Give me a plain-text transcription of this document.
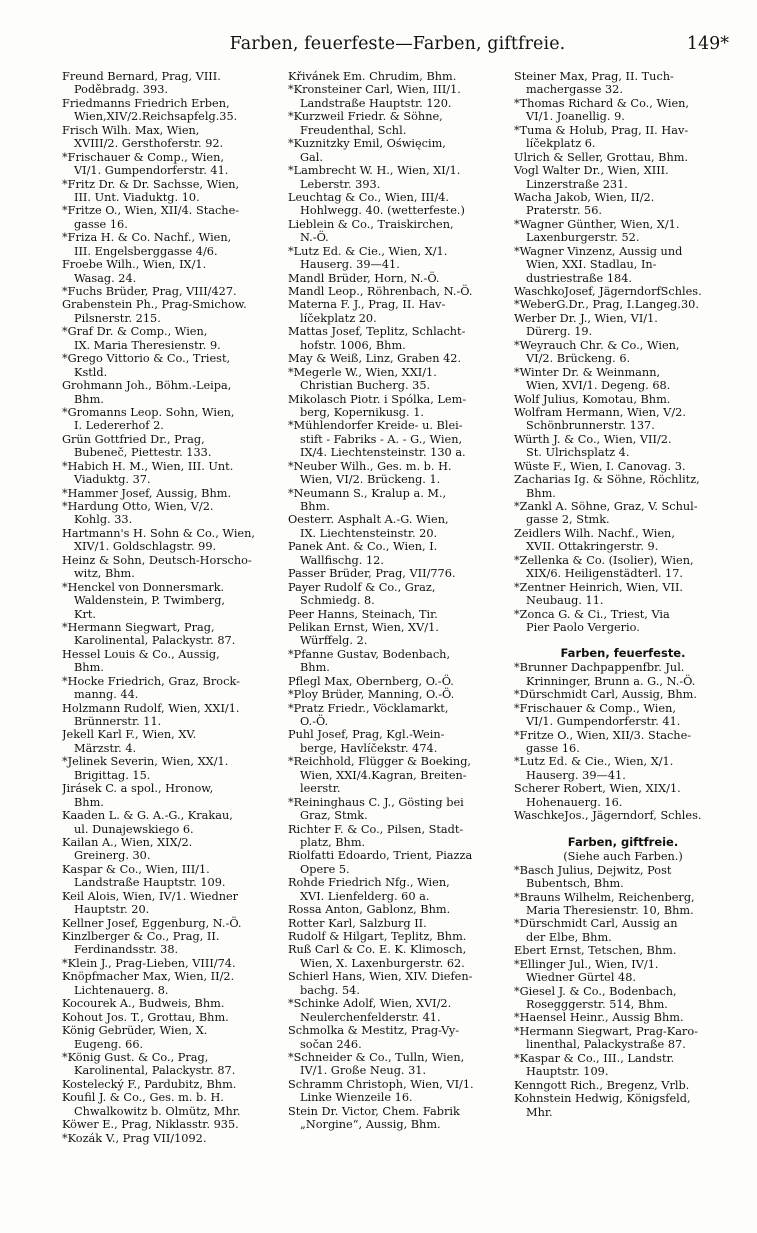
Farben, feuerfeste—Farben, giftfreie.	149*
Freund Bernard, Prag, VIII.
Poděbradg. 393.
Friedmanns Friedrich Erben,
Wien,XIV/2.Reichsapfelg.35.
Frisch Wilh. Max, Wien,
XVIII/2. Gersthoferstr. 92.
*Frischauer & Comp., Wien,
VI/1. Gumpendorferstr. 41.
*Fritz Dr. & Dr. Sachsse, Wien,
III. Unt. Viaduktg. 10.
*Fritze O., Wien, XII/4. Stache-
gasse 16.
*Friza H. & Co. Nachf., Wien,
III. Engelsberggasse 4/6.
Froebe Wilh., Wien, IX/1.
Wasag. 24.
*Fuchs Brüder, Prag, VIII/427.
Grabenstein Ph., Prag-Smichow.
Pilsnerstr. 215.
*Graf Dr. & Comp., Wien,
IX. Maria Theresienstr. 9.
*Grego Vittorio & Co., Triest,
Kstld.
Grohmann Joh., Böhm.-Leipa,
Bhm.
*Gromanns Leop. Sohn, Wien,
I. Ledererhof 2.
Grün Gottfried Dr., Prag,
Bubeneč, Piettestr. 133.
*Habich H. M., Wien, III. Unt.
Viaduktg. 37.
*Hammer Josef, Aussig, Bhm.
*Hardung Otto, Wien, V/2.
Kohlg. 33.
Hartmann's H. Sohn & Co., Wien,
XIV/1. Goldschlagstr. 99.
Heinz & Sohn, Deutsch-Horscho-
witz, Bhm.
*Henckel von Donnersmark.
Waldenstein, P. Twimberg,
Krt.
*Hermann Siegwart, Prag,
Karolinental, Palackystr. 87.
Hessel Louis & Co., Aussig,
Bhm.
*Hocke Friedrich, Graz, Brock-
manng. 44.
Holzmann Rudolf, Wien, XXI/1.
Brünnerstr. 11.
Jekell Karl F., Wien, XV.
Märzstr. 4.
*Jelinek Severin, Wien, XX/1.
Brigittag. 15.
Jirásek C. a spol., Hronow,
Bhm.
Kaaden L. & G. A.-G., Krakau,
ul. Dunajewskiego 6.
Kailan A., Wien, XIX/2.
Greinerg. 30.
Kaspar & Co., Wien, III/1.
Landstraße Hauptstr. 109.
Keil Alois, Wien, IV/1. Wiedner
Hauptstr. 20.
Kellner Josef, Eggenburg, N.-Ö.
Kinzlberger & Co., Prag, II.
Ferdinandsstr. 38.
*Klein J., Prag-Lieben, VIII/74.
Knöpfmacher Max, Wien, II/2.
Lichtenauerg. 8.
Kocourek A., Budweis, Bhm.
Kohout Jos. T., Grottau, Bhm.
König Gebrüder, Wien, X.
Eugeng. 66.
*König Gust. & Co., Prag,
Karolinental, Palackystr. 87.
Kostelecký F., Pardubitz, Bhm.
Koufil J. & Co., Ges. m. b. H.
Chwalkowitz b. Olmütz, Mhr.
Köwer E., Prag, Niklasstr. 935.
*Kozák V., Prag VII/1092.
Křivánek Em. Chrudim, Bhm.
*Kronsteiner Carl, Wien, III/1.
Landstraße Hauptstr. 120.
*Kurzweil Friedr. & Söhne,
Freudenthal, Schl.
*Kuznitzky Emil, Oświęcim,
Gal.
*Lambrecht W. H., Wien, XI/1.
Leberstr. 393.
Leuchtag & Co., Wien, III/4.
Hohlwegg. 40. (wetterfeste.)
Lieblein & Co., Traiskirchen,
N.-Ö.
*Lutz Ed. & Cie., Wien, X/1.
Hauserg. 39—41.
Mandl Brüder, Horn, N.-Ö.
Mandl Leop., Röhrenbach, N.-Ö.
Materna F. J., Prag, II. Hav-
líčekplatz 20.
Mattas Josef, Teplitz, Schlacht-
hofstr. 1006, Bhm.
May & Weiß, Linz, Graben 42.
*Megerle W., Wien, XXI/1.
Christian Bucherg. 35.
Mikolasch Piotr. i Spólka, Lem-
berg, Kopernikusg. 1.
*Mühlendorfer Kreide- u. Blei-
stift - Fabriks - A. - G., Wien,
IX/4. Liechtensteinstr. 130 a.
*Neuber Wilh., Ges. m. b. H.
Wien, VI/2. Brückeng. 1.
*Neumann S., Kralup a. M.,
Bhm.
Oesterr. Asphalt A.-G. Wien,
IX. Liechtensteinstr. 20.
Panek Ant. & Co., Wien, I.
Wallfischg. 12.
Passer Brüder, Prag, VII/776.
Payer Rudolf & Co., Graz,
Schmiedg. 8.
Peer Hanns, Steinach, Tir.
Pelikan Ernst, Wien, XV/1.
Würffelg. 2.
*Pfanne Gustav, Bodenbach,
Bhm.
Pflegl Max, Obernberg, O.-Ö.
*Ploy Brüder, Manning, O.-Ö.
*Pratz Friedr., Vöcklamarkt,
O.-Ö.
Puhl Josef, Prag, Kgl.-Wein-
berge, Havlíčekstr. 474.
*Reichhold, Flügger & Boeking,
Wien, XXI/4.Kagran, Breiten-
leerstr.
*Reininghaus C. J., Gösting bei
Graz, Stmk.
Richter F. & Co., Pilsen, Stadt-
platz, Bhm.
Riolfatti Edoardo, Trient, Piazza
Opere 5.
Rohde Friedrich Nfg., Wien,
XVI. Lienfelderg. 60 a.
Rossa Anton, Gablonz, Bhm.
Rotter Karl, Salzburg II.
Rudolf & Hilgart, Teplitz, Bhm.
Ruß Carl & Co. E. K. Klimosch,
Wien, X. Laxenburgerstr. 62.
Schierl Hans, Wien, XIV. Diefen-
bachg. 54.
*Schinke Adolf, Wien, XVI/2.
Neulerchenfelderstr. 41.
Schmolka & Mestitz, Prag-Vy-
sočan 246.
*Schneider & Co., Tulln, Wien,
IV/1. Große Neug. 31.
Schramm Christoph, Wien, VI/1.
Linke Wienzeile 16.
Stein Dr. Victor, Chem. Fabrik
„Norgine“, Aussig, Bhm.
Steiner Max, Prag, II. Tuch-
machergasse 32.
*Thomas Richard & Co., Wien,
VI/1. Joanellig. 9.
*Tuma & Holub, Prag, II. Hav-
líčekplatz 6.
Ulrich & Seller, Grottau, Bhm.
Vogl Walter Dr., Wien, XIII.
Linzerstraße 231.
Wacha Jakob, Wien, II/2.
Praterstr. 56.
*Wagner Günther, Wien, X/1.
Laxenburgerstr. 52.
*Wagner Vinzenz, Aussig und
Wien, XXI. Stadlau, In-
dustriestraße 184.
WaschkoJosef, JägerndorfSchles.
*WeberG.Dr., Prag, I.Langeg.30.
Werber Dr. J., Wien, VI/1.
Dürerg. 19.
*Weyrauch Chr. & Co., Wien,
VI/2. Brückeng. 6.
*Winter Dr. & Weinmann,
Wien, XVI/1. Degeng. 68.
Wolf Julius, Komotau, Bhm.
Wolfram Hermann, Wien, V/2.
Schönbrunnerstr. 137.
Würth J. & Co., Wien, VII/2.
St. Ulrichsplatz 4.
Wüste F., Wien, I. Canovag. 3.
Zacharias Ig. & Söhne, Röchlitz,
Bhm.
*Zankl A. Söhne, Graz, V. Schul-
gasse 2, Stmk.
Zeidlers Wilh. Nachf., Wien,
XVII. Ottakringerstr. 9.
*Zellenka & Co. (Isolier), Wien,
XIX/6. Heiligenstädterl. 17.
*Zentner Heinrich, Wien, VII.
Neubaug. 11.
*Zonca G. & Ci., Triest, Via
Pier Paolo Vergerio.
Farben, feuerfeste.
*Brunner Dachpappenfbr. Jul.
Krinninger, Brunn a. G., N.-Ö.
*Dürschmidt Carl, Aussig, Bhm.
*Frischauer & Comp., Wien,
VI/1. Gumpendorferstr. 41.
*Fritze O., Wien, XII/3. Stache-
gasse 16.
*Lutz Ed. & Cie., Wien, X/1.
Hauserg. 39—41.
Scherer Robert, Wien, XIX/1.
Hohenauerg. 16.
WaschkeJos., Jägerndorf, Schles.
Farben, giftfreie.
(Siehe auch Farben.)
*Basch Julius, Dejwitz, Post
Bubentsch, Bhm.
*Brauns Wilhelm, Reichenberg,
Maria Theresienstr. 10, Bhm.
*Dürschmidt Carl, Aussig an
der Elbe, Bhm.
Ebert Ernst, Tetschen, Bhm.
*Ellinger Jul., Wien, IV/1.
Wiedner Gürtel 48.
*Giesel J. & Co., Bodenbach,
Rosegggerstr. 514, Bhm.
*Haensel Heinr., Aussig Bhm.
*Hermann Siegwart, Prag-Karo-
linenthal, Palackystraße 87.
*Kaspar & Co., III., Landstr.
Hauptstr. 109.
Kenngott Rich., Bregenz, Vrlb.
Kohnstein Hedwig, Königsfeld,
Mhr.
